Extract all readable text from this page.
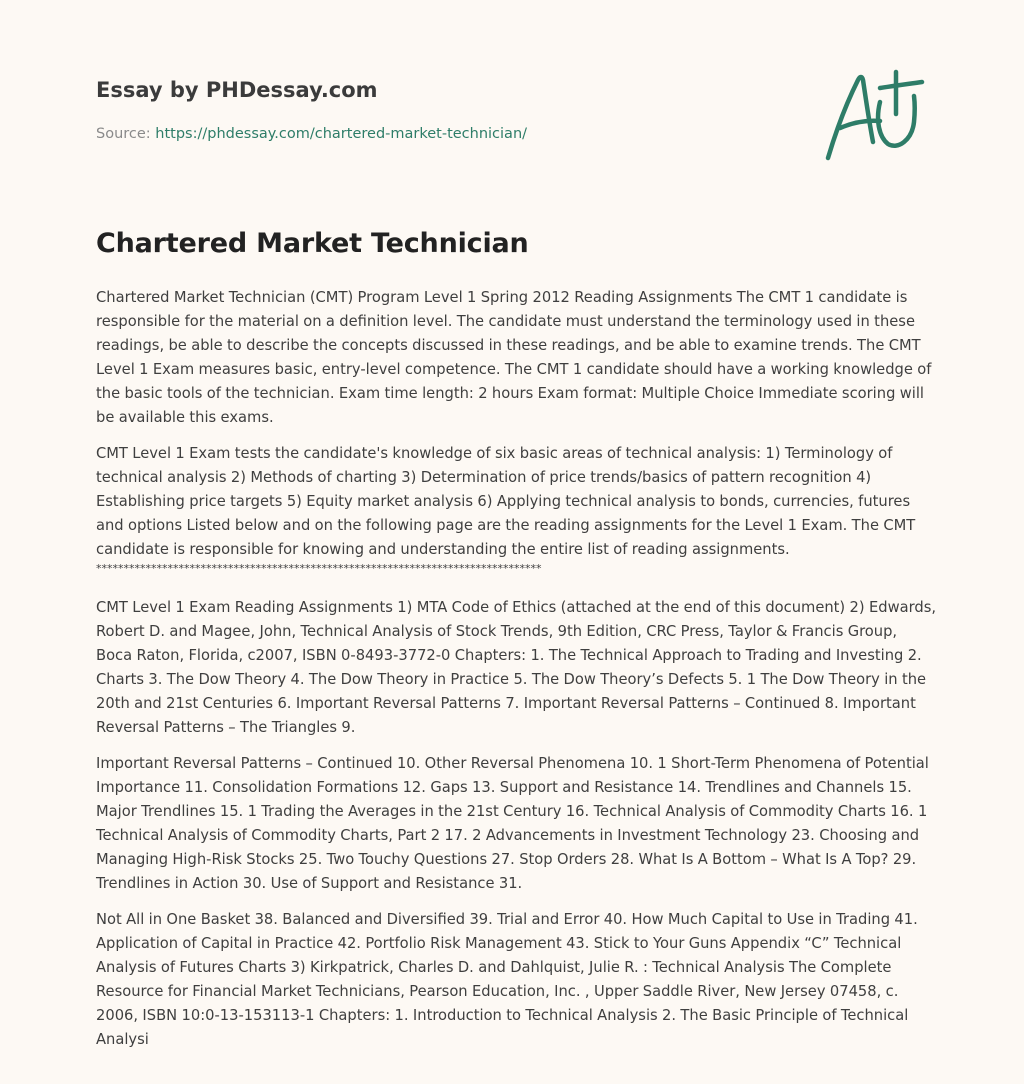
Essay by PHDessay.com
Source: https://phdessay.com/chartered-market-technician/
Chartered Market Technician

Chartered Market Technician (CMT) Program Level 1 Spring 2012 Reading Assignments The CMT 1 candidate is responsible for the material on a definition level. The candidate must understand the terminology used in these readings, be able to describe the concepts discussed in these readings, and be able to examine trends. The CMT Level 1 Exam measures basic, entry-level competence. The CMT 1 candidate should have a working knowledge of the basic tools of the technician. Exam time length: 2 hours Exam format: Multiple Choice Immediate scoring will be available this exams.

CMT Level 1 Exam tests the candidate's knowledge of six basic areas of technical analysis: 1) Terminology of technical analysis 2) Methods of charting 3) Determination of price trends/basics of pattern recognition 4) Establishing price targets 5) Equity market analysis 6) Applying technical analysis to bonds, currencies, futures and options Listed below and on the following page are the reading assignments for the Level 1 Exam. The CMT candidate is responsible for knowing and understanding the entire list of reading assignments.
*********************************************************************************

CMT Level 1 Exam Reading Assignments 1) MTA Code of Ethics (attached at the end of this document) 2) Edwards, Robert D. and Magee, John, Technical Analysis of Stock Trends, 9th Edition, CRC Press, Taylor & Francis Group, Boca Raton, Florida, c2007, ISBN 0-8493-3772-0 Chapters: 1. The Technical Approach to Trading and Investing 2. Charts 3. The Dow Theory 4. The Dow Theory in Practice 5. The Dow Theory’s Defects 5. 1 The Dow Theory in the 20th and 21st Centuries 6. Important Reversal Patterns 7. Important Reversal Patterns – Continued 8. Important Reversal Patterns – The Triangles 9.

Important Reversal Patterns – Continued 10. Other Reversal Phenomena 10. 1 Short-Term Phenomena of Potential Importance 11. Consolidation Formations 12. Gaps 13. Support and Resistance 14. Trendlines and Channels 15. Major Trendlines 15. 1 Trading the Averages in the 21st Century 16. Technical Analysis of Commodity Charts 16. 1 Technical Analysis of Commodity Charts, Part 2 17. 2 Advancements in Investment Technology 23. Choosing and Managing High-Risk Stocks 25. Two Touchy Questions 27. Stop Orders 28. What Is A Bottom – What Is A Top? 29. Trendlines in Action 30. Use of Support and Resistance 31.

Not All in One Basket 38. Balanced and Diversified 39. Trial and Error 40. How Much Capital to Use in Trading 41. Application of Capital in Practice 42. Portfolio Risk Management 43. Stick to Your Guns Appendix “C” Technical Analysis of Futures Charts 3) Kirkpatrick, Charles D. and Dahlquist, Julie R. : Technical Analysis The Complete Resource for Financial Market Technicians, Pearson Education, Inc. , Upper Saddle River, New Jersey 07458, c. 2006, ISBN 10:0-13-153113-1 Chapters: 1. Introduction to Technical Analysis 2. The Basic Principle of Technical Analysi
